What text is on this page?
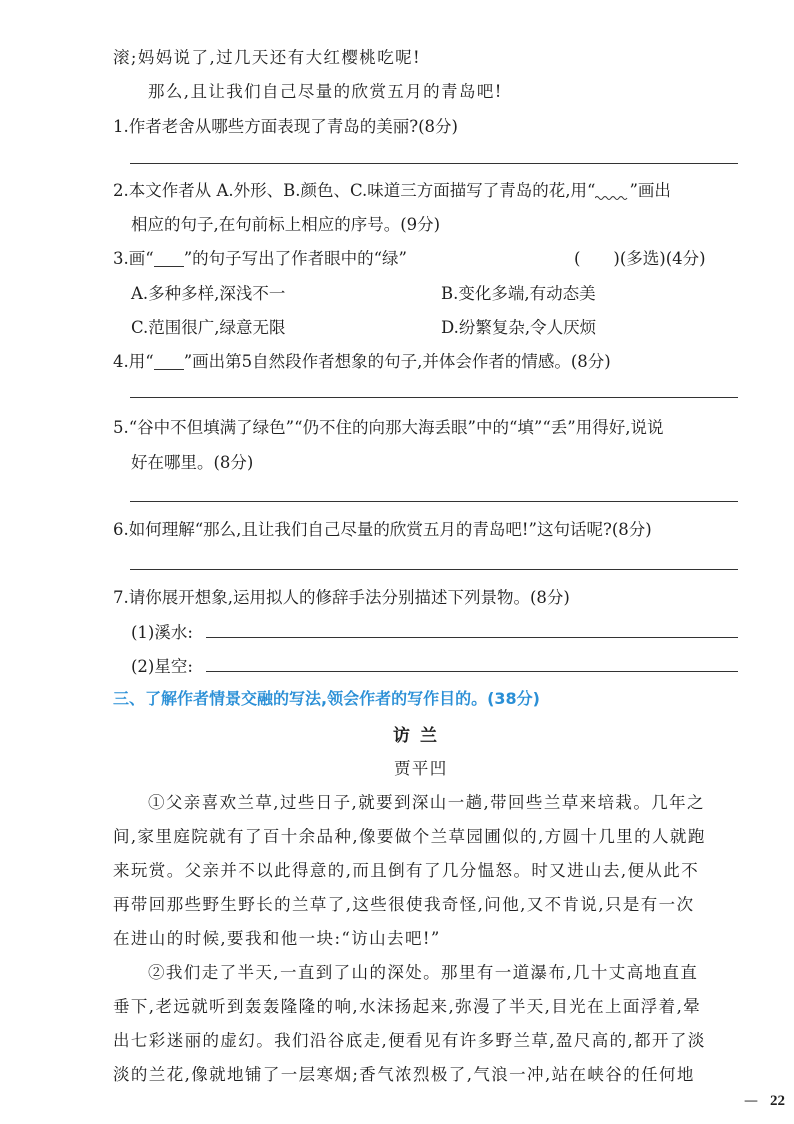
滚;妈妈说了,过几天还有大红樱桃吃呢!
那么,且让我们自己尽量的欣赏五月的青岛吧!
1.作者老舍从哪些方面表现了青岛的美丽?(8分)
2.本文作者从 A.外形、B.颜色、C.味道三方面描写了青岛的花,用“ ”画出
相应的句子,在句前标上相应的序号。(9分)
3.画“ ”的句子写出了作者眼中的“绿”	(　　)(多选)(4分)
A.多种多样,深浅不一	B.变化多端,有动态美
C.范围很广,绿意无限	D.纷繁复杂,令人厌烦
4.用“ ”画出第5自然段作者想象的句子,并体会作者的情感。(8分)
5.“谷中不但填满了绿色”“仍不住的向那大海丢眼”中的“填”“丢”用得好,说说
好在哪里。(8分)
6.如何理解“那么,且让我们自己尽量的欣赏五月的青岛吧!”这句话呢?(8分)
7.请你展开想象,运用拟人的修辞手法分别描述下列景物。(8分)
(1)溪水:
(2)星空:
三、了解作者情景交融的写法,领会作者的写作目的。(38分)
访兰
贾平凹
①父亲喜欢兰草,过些日子,就要到深山一趟,带回些兰草来培栽。几年之
间,家里庭院就有了百十余品种,像要做个兰草园圃似的,方圆十几里的人就跑
来玩赏。父亲并不以此得意的,而且倒有了几分愠怒。时又进山去,便从此不
再带回那些野生野长的兰草了,这些很使我奇怪,问他,又不肯说,只是有一次
在进山的时候,要我和他一块:“访山去吧!”
②我们走了半天,一直到了山的深处。那里有一道瀑布,几十丈高地直直
垂下,老远就听到轰轰隆隆的响,水沫扬起来,弥漫了半天,目光在上面浮着,晕
出七彩迷丽的虚幻。我们沿谷底走,便看见有许多野兰草,盈尺高的,都开了淡
淡的兰花,像就地铺了一层寒烟;香气浓烈极了,气浪一冲,站在峡谷的任何地
— 22
